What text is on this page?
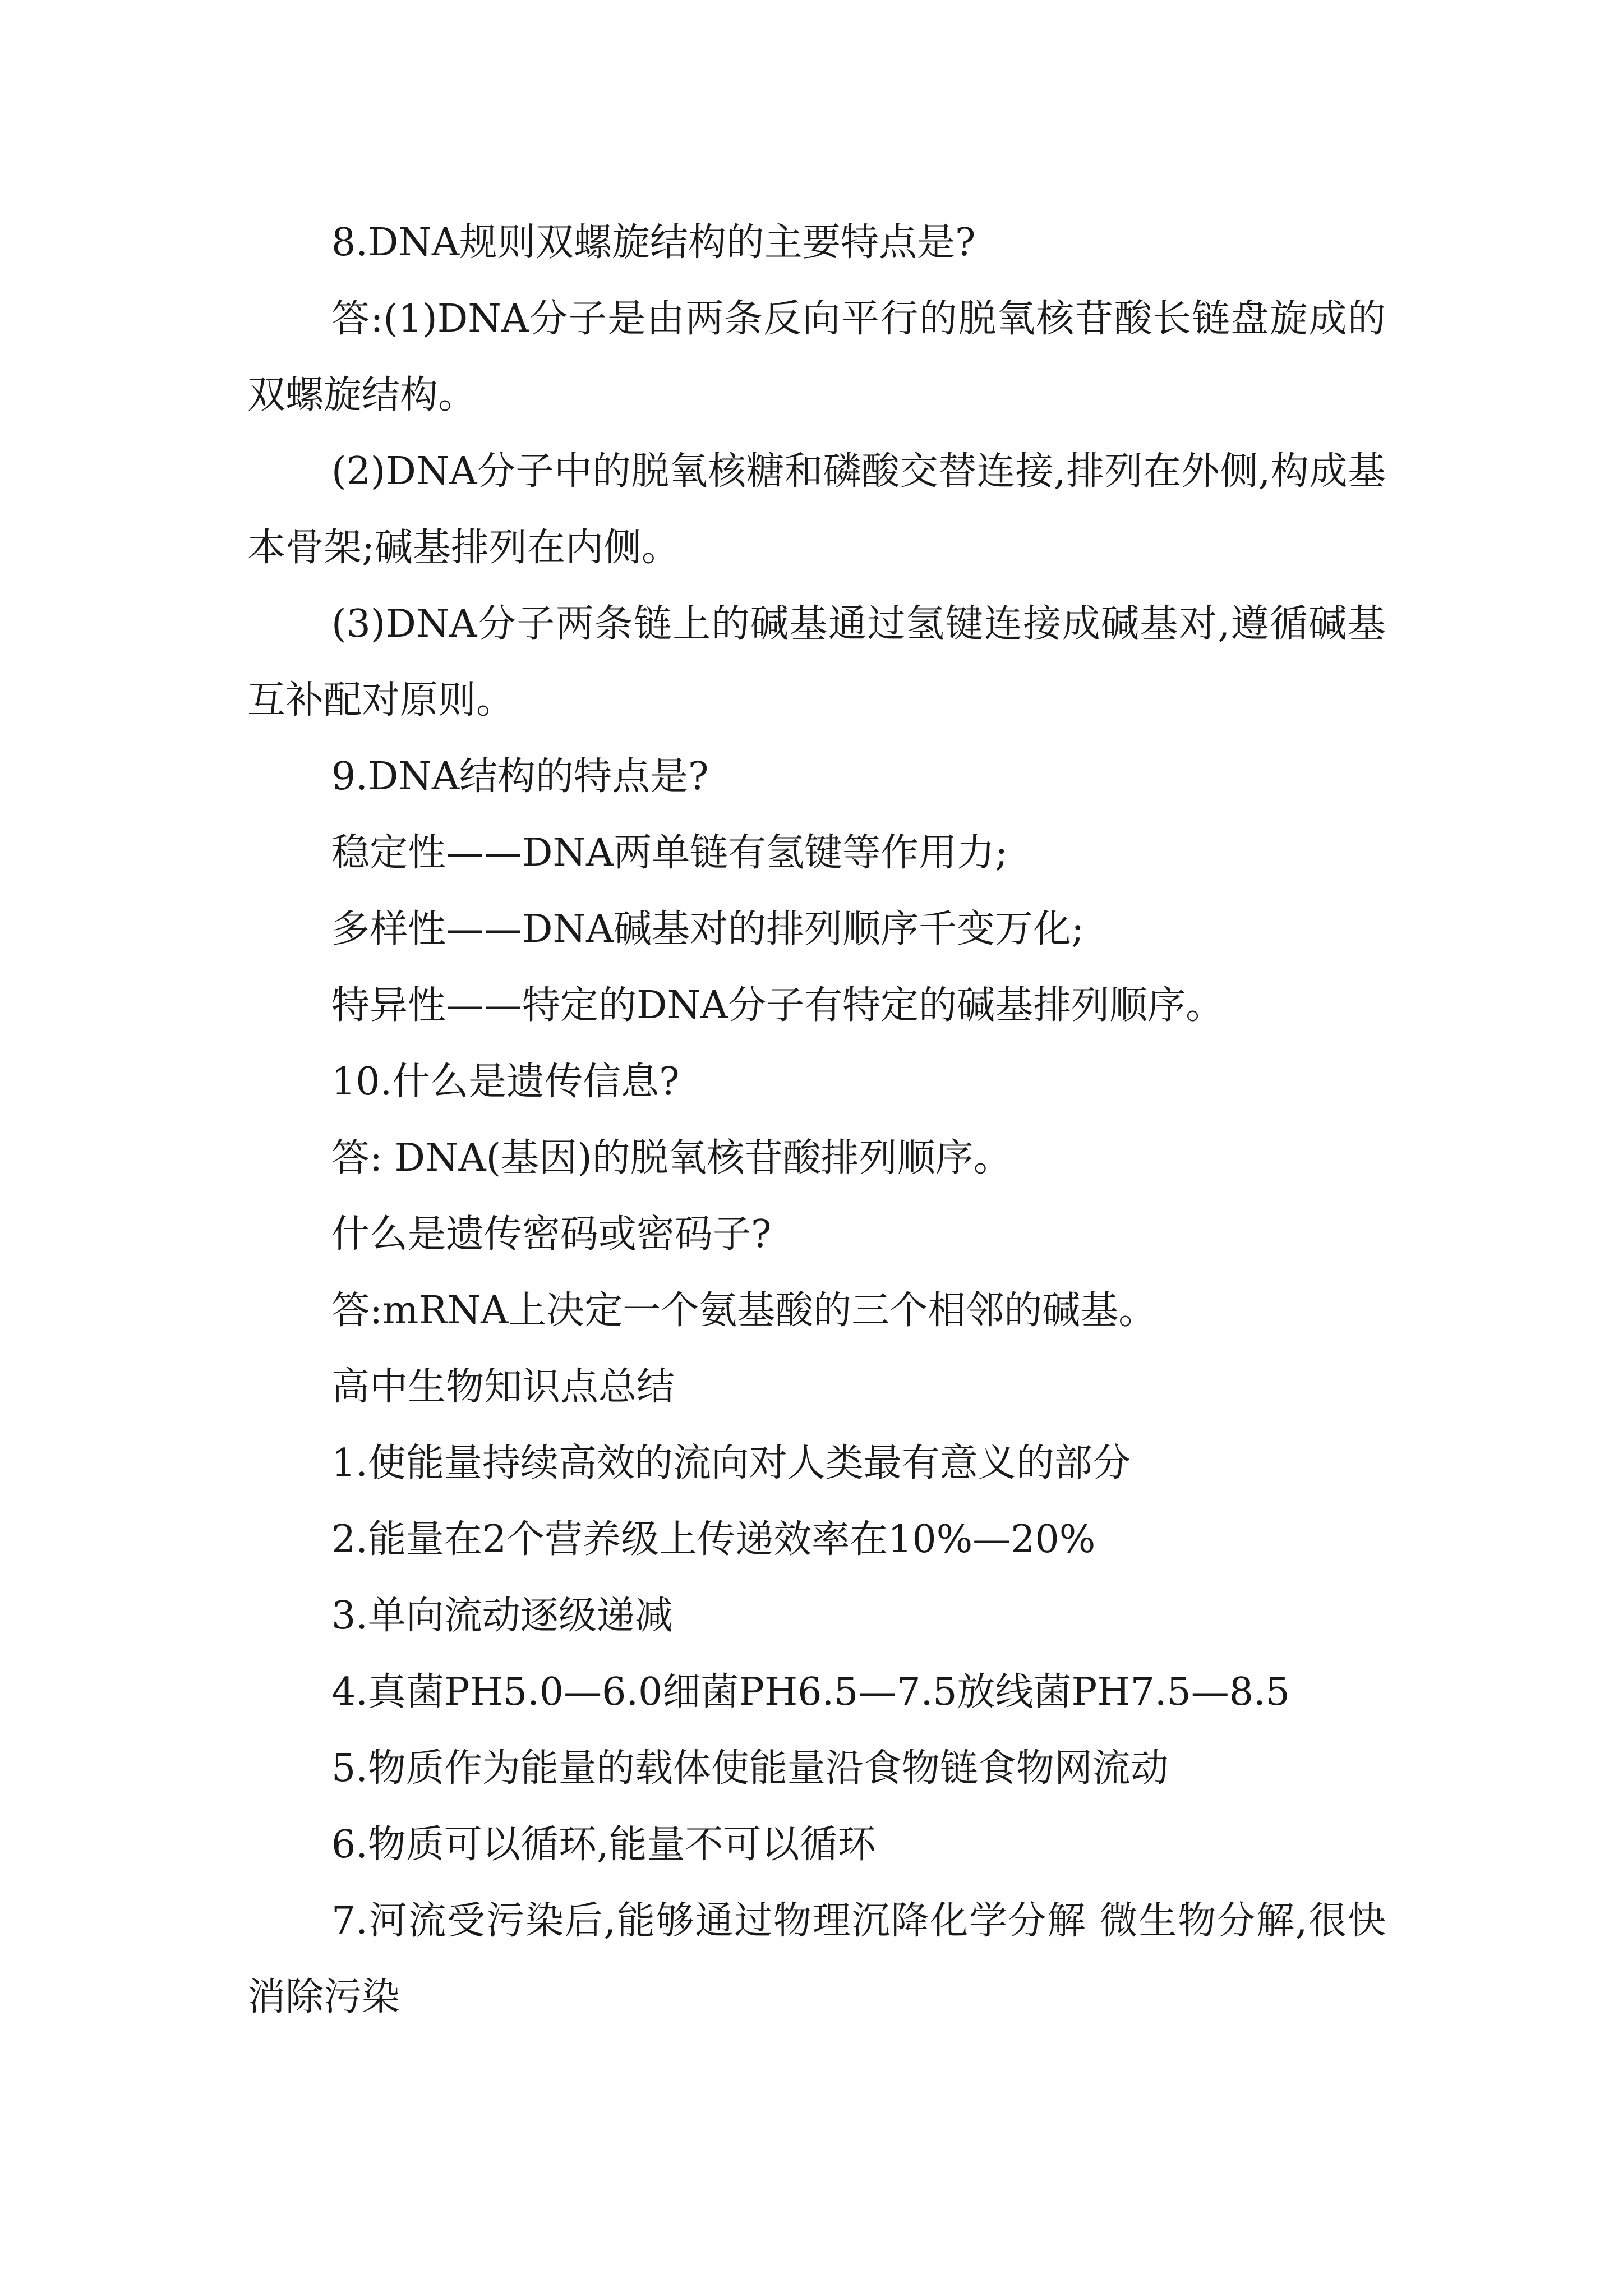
8.DNA规则双螺旋结构的主要特点是?

答:(1)DNA分子是由两条反向平行的脱氧核苷酸长链盘旋成的双螺旋结构。

(2)DNA分子中的脱氧核糖和磷酸交替连接,排列在外侧,构成基本骨架;碱基排列在内侧。

(3)DNA分子两条链上的碱基通过氢键连接成碱基对,遵循碱基互补配对原则。

9.DNA结构的特点是?

稳定性——DNA两单链有氢键等作用力;

多样性——DNA碱基对的排列顺序千变万化;

特异性——特定的DNA分子有特定的碱基排列顺序。

10.什么是遗传信息?

答: DNA(基因)的脱氧核苷酸排列顺序。

什么是遗传密码或密码子?

答:mRNA上决定一个氨基酸的三个相邻的碱基。

高中生物知识点总结

1.使能量持续高效的流向对人类最有意义的部分

2.能量在2个营养级上传递效率在10%—20%

3.单向流动逐级递减

4.真菌PH5.0—6.0细菌PH6.5—7.5放线菌PH7.5—8.5

5.物质作为能量的载体使能量沿食物链食物网流动

6.物质可以循环,能量不可以循环

7.河流受污染后,能够通过物理沉降化学分解 微生物分解,很快消除污染
